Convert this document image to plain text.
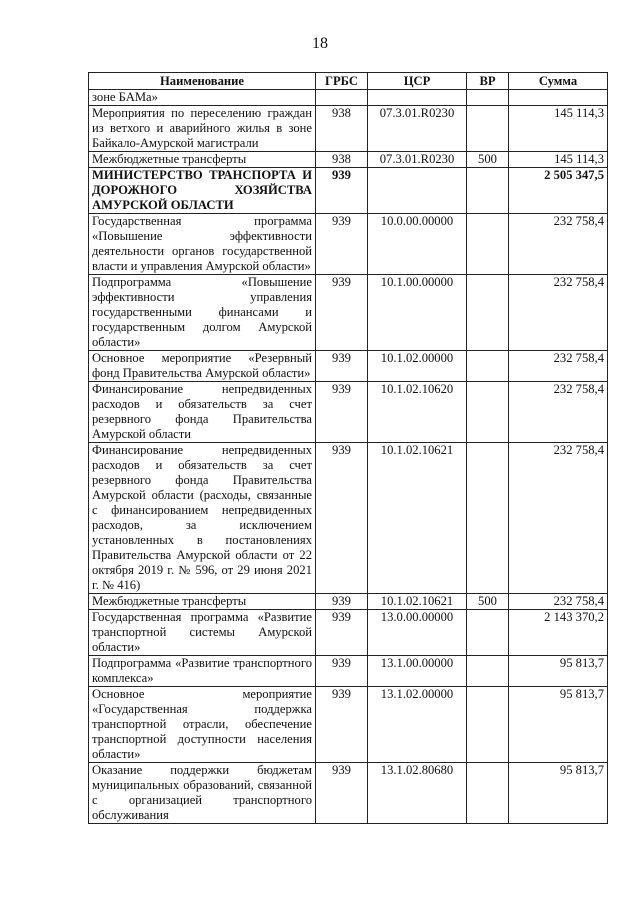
18
Наименование	ГРБС	ЦСР	ВР	Сумма
зоне БАМа»				
Мероприятия по переселению граждан из ветхого и аварийного жилья в зоне Байкало-Амурской магистрали	938	07.3.01.R0230		145 114,3
Межбюджетные трансферты	938	07.3.01.R0230	500	145 114,3
МИНИСТЕРСТВО ТРАНСПОРТА И ДОРОЖНОГО ХОЗЯЙСТВА АМУРСКОЙ ОБЛАСТИ	939			2 505 347,5
Государственная программа «Повышение эффективности деятельности органов государственной власти и управления Амурской области»	939	10.0.00.00000		232 758,4
Подпрограмма «Повышение эффективности управления государственными финансами и государственным долгом Амурской области»	939	10.1.00.00000		232 758,4
Основное мероприятие «Резервный фонд Правительства Амурской области»	939	10.1.02.00000		232 758,4
Финансирование непредвиденных расходов и обязательств за счет резервного фонда Правительства Амурской области	939	10.1.02.10620		232 758,4
Финансирование непредвиденных расходов и обязательств за счет резервного фонда Правительства Амурской области (расходы, связанные с финансированием непредвиденных расходов, за исключением установленных в постановлениях Правительства Амурской области от 22 октября 2019 г. № 596, от 29 июня 2021 г. № 416)	939	10.1.02.10621		232 758,4
Межбюджетные трансферты	939	10.1.02.10621	500	232 758,4
Государственная программа «Развитие транспортной системы Амурской области»	939	13.0.00.00000		2 143 370,2
Подпрограмма «Развитие транспортного комплекса»	939	13.1.00.00000		95 813,7
Основное мероприятие «Государственная поддержка транспортной отрасли, обеспечение транспортной доступности населения области»	939	13.1.02.00000		95 813,7
Оказание поддержки бюджетам муниципальных образований, связанной с организацией транспортного обслуживания	939	13.1.02.80680		95 813,7
